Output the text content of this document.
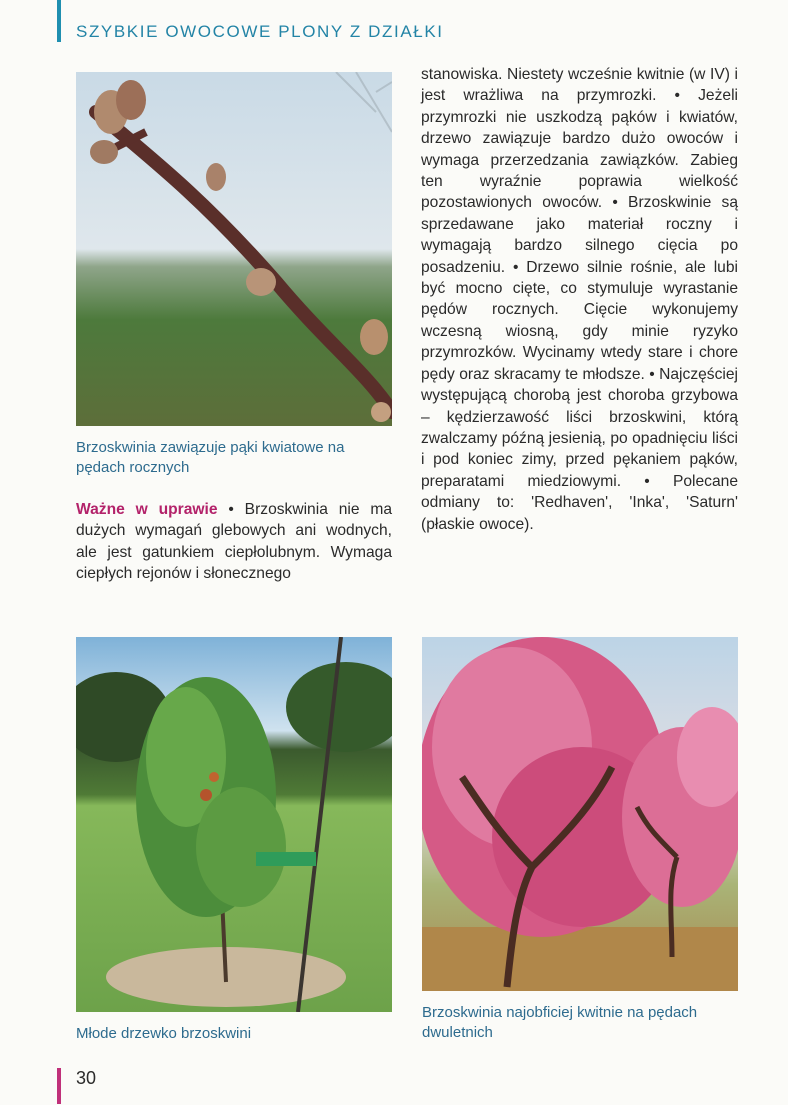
SZYBKIE OWOCOWE PLONY Z DZIAŁKI
Brzoskwinia zawiązuje pąki kwiatowe na pędach rocznych
Ważne w uprawie • Brzoskwinia nie ma dużych wymagań glebowych ani wodnych, ale jest gatunkiem ciepłolubnym. Wymaga ciepłych rejonów i słonecznego
stanowiska. Niestety wcześnie kwitnie (w IV) i jest wrażliwa na przymrozki. • Jeżeli przymrozki nie uszkodzą pąków i kwiatów, drzewo zawiązuje bardzo dużo owoców i wymaga przerzedzania zawiązków. Zabieg ten wyraźnie poprawia wielkość pozostawionych owoców. • Brzoskwinie są sprzedawane jako materiał roczny i wymagają bardzo silnego cięcia po posadzeniu. • Drzewo silnie rośnie, ale lubi być mocno cięte, co stymuluje wyrastanie pędów rocznych. Cięcie wykonujemy wczesną wiosną, gdy minie ryzyko przymrozków. Wycinamy wtedy stare i chore pędy oraz skracamy te młodsze. • Najczęściej występującą chorobą jest choroba grzybowa – kędzierzawość liści brzoskwini, którą zwalczamy późną jesienią, po opadnięciu liści i pod koniec zimy, przed pękaniem pąków, preparatami miedziowymi. • Polecane odmiany to: 'Redhaven', 'Inka', 'Saturn' (płaskie owoce).
Młode drzewko brzoskwini
Brzoskwinia najobficiej kwitnie na pędach dwuletnich
30
